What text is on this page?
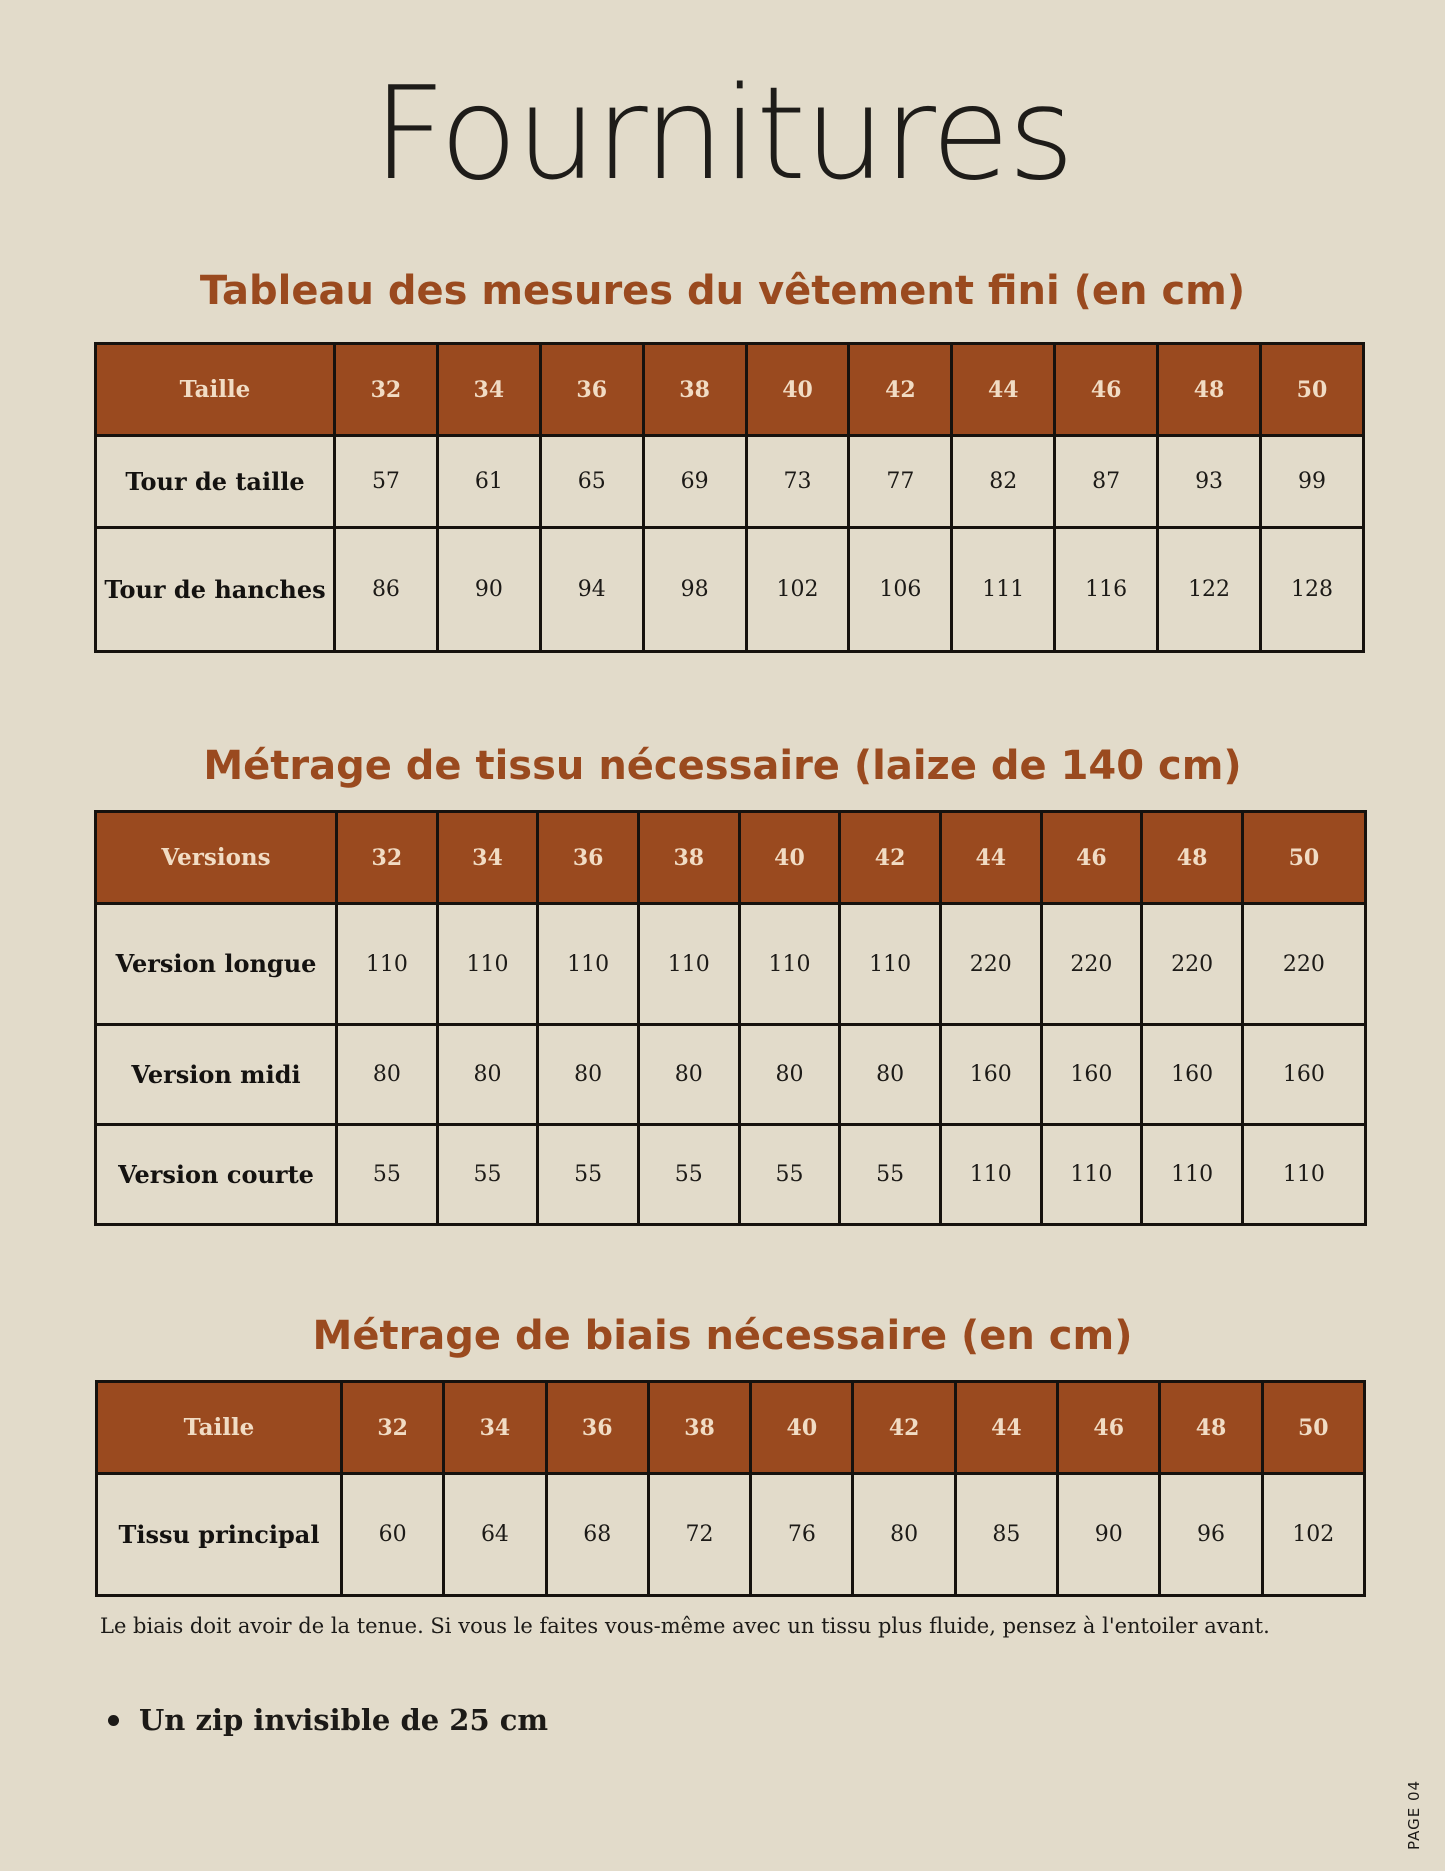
Fournitures
Tableau des mesures du vêtement fini (en cm)
Taille	32	34	36	38	40	42	44	46	48	50
Tour de taille	57	61	65	69	73	77	82	87	93	99
Tour de hanches	86	90	94	98	102	106	111	116	122	128
Métrage de tissu nécessaire (laize de 140 cm)
Versions	32	34	36	38	40	42	44	46	48	50
Version longue	110	110	110	110	110	110	220	220	220	220
Version midi	80	80	80	80	80	80	160	160	160	160
Version courte	55	55	55	55	55	55	110	110	110	110
Métrage de biais nécessaire (en cm)
Taille	32	34	36	38	40	42	44	46	48	50
Tissu principal	60	64	68	72	76	80	85	90	96	102

Le biais doit avoir de la tenue. Si vous le faites vous-même avec un tissu plus fluide, pensez à l'entoiler avant.

Un zip invisible de 25 cm
PAGE 04
